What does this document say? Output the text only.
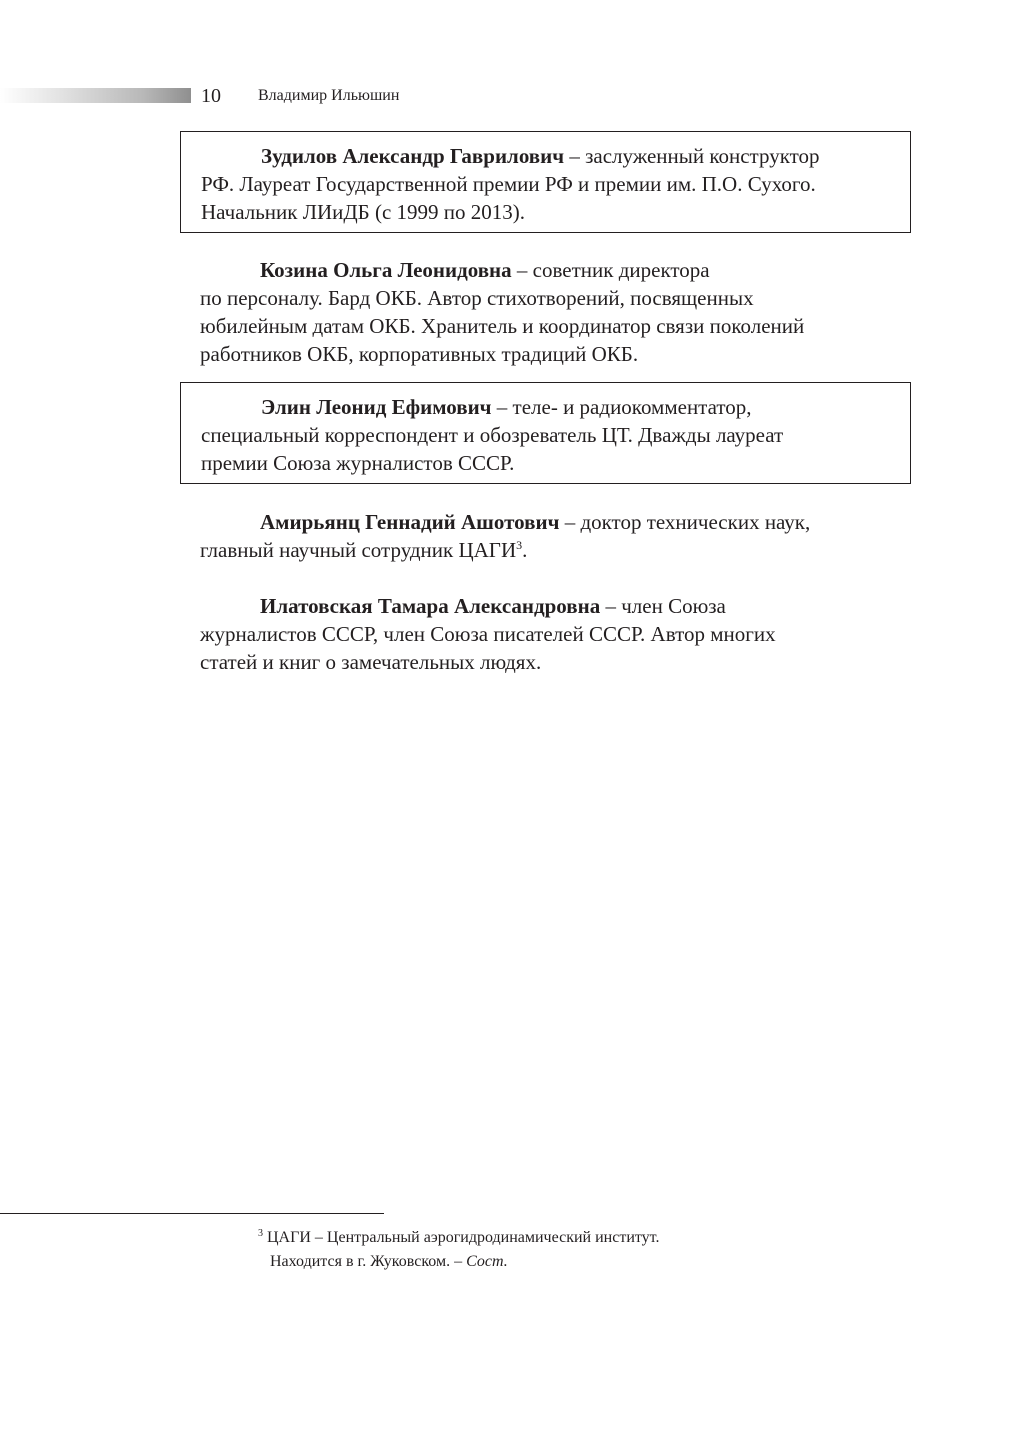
10 Владимир Ильюшин

Зудилов Александр Гаврилович – заслуженный конструктор
РФ. Лауреат Государственной премии РФ и премии им. П.О. Сухого.
Начальник ЛИиДБ (с 1999 по 2013).

Козина Ольга Леонидовна – советник директора
по персоналу. Бард ОКБ. Автор стихотворений, посвященных
юбилейным датам ОКБ. Хранитель и координатор связи поколений
работников ОКБ, корпоративных традиций ОКБ.

Элин Леонид Ефимович – теле- и радиокомментатор,
специальный корреспондент и обозреватель ЦТ. Дважды лауреат
премии Союза журналистов СССР.

Амирьянц Геннадий Ашотович – доктор технических наук,
главный научный сотрудник ЦАГИ$^3$.

Илатовская Тамара Александровна – член Союза
журналистов СССР, член Союза писателей СССР. Автор многих
статей и книг о замечательных людях.

$^3$ ЦАГИ – Центральный аэрогидродинамический институт.

Находится в г. Жуковском. – Сост.
